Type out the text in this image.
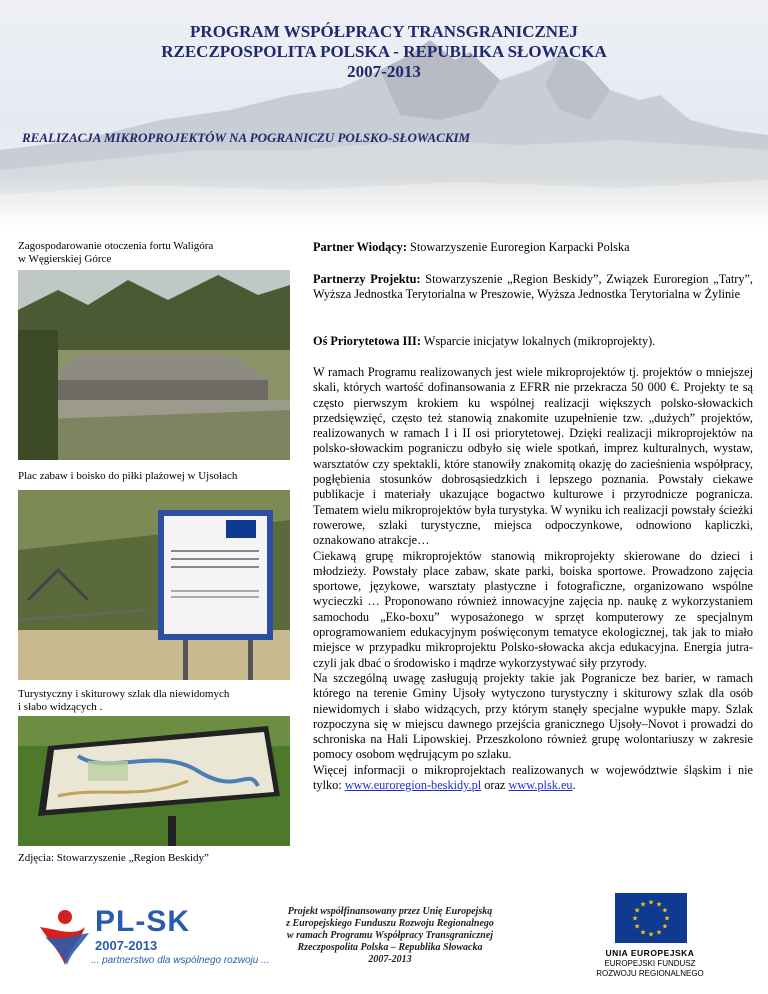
PROGRAM WSPÓŁPRACY TRANSGRANICZNEJ
RZECZPOSPOLITA POLSKA - REPUBLIKA SŁOWACKA
2007-2013
REALIZACJA MIKROPROJEKTÓW NA POGRANICZU POLSKO-SŁOWACKIM
Zagospodarowanie otoczenia fortu Waligóra
w Węgierskiej Górce
Plac zabaw i boisko do piłki plażowej w Ujsołach
Turystyczny i skiturowy szlak dla niewidomych
i słabo widzących .
Zdjęcia: Stowarzyszenie „Region Beskidy”
Partner Wiodący: Stowarzyszenie Euroregion Karpacki Polska
Partnerzy Projektu: Stowarzyszenie „Region Beskidy”, Związek Euroregion „Tatry”, Wyższa Jednostka Terytorialna w Preszowie, Wyższa Jednostka Terytorialna w Żylinie
Oś Priorytetowa III: Wsparcie inicjatyw lokalnych (mikroprojekty).
W ramach Programu realizowanych jest wiele mikroprojektów tj. projektów o mniejszej skali, których wartość dofinansowania z EFRR nie przekracza 50 000 €. Projekty te są często pierwszym krokiem ku wspólnej realizacji większych polsko-słowackich przedsięwzięć, często też stanowią znakomite uzupełnienie tzw. „dużych” projektów, realizowanych w ramach I i II osi priorytetowej. Dzięki realizacji mikroprojektów na polsko-słowackim pograniczu odbyło się wiele spotkań, imprez kulturalnych, wystaw, warsztatów czy spektakli, które stanowiły znakomitą okazję do zacieśnienia współpracy, pogłębienia stosunków dobrosąsiedzkich i lepszego poznania. Powstały ciekawe publikacje i materiały ukazujące bogactwo kulturowe i przyrodnicze pogranicza. Tematem wielu mikroprojektów była turystyka. W wyniku ich realizacji powstały ścieżki rowerowe, szlaki turystyczne, miejsca odpoczynkowe, odnowiono kapliczki, oznakowano atrakcje…
Ciekawą grupę mikroprojektów stanowią mikroprojekty skierowane do dzieci i młodzieży. Powstały place zabaw, skate parki, boiska sportowe. Prowadzono zajęcia sportowe, językowe, warsztaty plastyczne i fotograficzne, organizowano wspólne wycieczki … Proponowano również innowacyjne zajęcia np. naukę z wykorzystaniem samochodu „Eko-boxu” wyposażonego w sprzęt komputerowy ze specjalnym oprogramowaniem edukacyjnym poświęconym tematyce ekologicznej, tak jak to miało miejsce w przypadku mikroprojektu Polsko-słowacka akcja edukacyjna. Energia jutra-czyli jak dbać o środowisko i mądrze wykorzystywać siły przyrody.
Na szczególną uwagę zasługują projekty takie jak Pogranicze bez barier, w ramach którego na terenie Gminy Ujsoły wytyczono turystyczny i skiturowy szlak dla osób niewidomych i słabo widzących, przy którym stanęły specjalne wypukłe mapy. Szlak rozpoczyna się w miejscu dawnego przejścia granicznego Ujsoły–Novot i prowadzi do schroniska na Hali Lipowskiej. Przeszkolono również grupę wolontariuszy w zakresie pomocy osobom wędrującym po szlaku.
Więcej informacji o mikroprojektach realizowanych w województwie śląskim i nie tylko: www.euroregion-beskidy.pl oraz www.plsk.eu.
PL-SK
2007-2013
... partnerstwo dla wspólnego rozwoju ...
Projekt współfinansowany przez Unię Europejską
z Europejskiego Funduszu Rozwoju Regionalnego
w ramach Programu Współpracy Transgranicznej
Rzeczpospolita Polska – Republika Słowacka
2007-2013
★ ★
★
★
★
★
★
★
★
★
★
★
UNIA EUROPEJSKA
EUROPEJSKI FUNDUSZ
ROZWOJU REGIONALNEGO
